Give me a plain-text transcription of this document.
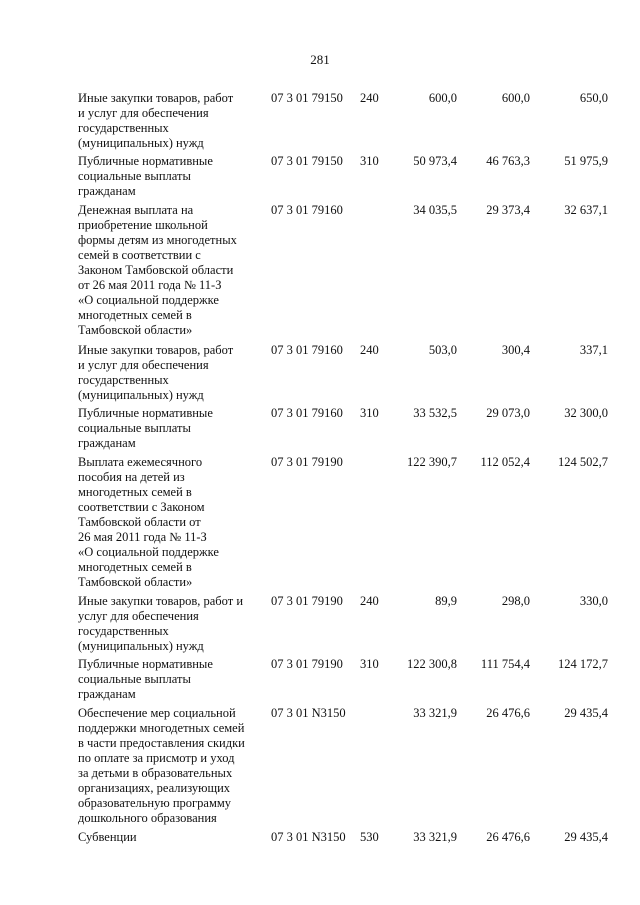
281
Иные закупки товаров, работ
и услуг для обеспечения
государственных
(муниципальных) нужд
07 3 01 79150 240	600,0	600,0	650,0
Публичные нормативные
социальные выплаты
гражданам
07 3 01 79150 310	50 973,4	46 763,3	51 975,9
Денежная выплата на
приобретение школьной
формы детям из многодетных
семей в соответствии с
Законом Тамбовской области
от 26 мая 2011 года № 11-З
«О социальной поддержке
многодетных семей в
Тамбовской области»
07 3 01 79160	34 035,5	29 373,4	32 637,1
Иные закупки товаров, работ
и услуг для обеспечения
государственных
(муниципальных) нужд
07 3 01 79160 240	503,0	300,4	337,1
Публичные нормативные
социальные выплаты
гражданам
07 3 01 79160 310	33 532,5	29 073,0	32 300,0
Выплата ежемесячного
пособия на детей из
многодетных семей в
соответствии с Законом
Тамбовской области от
26 мая 2011 года № 11-З
«О социальной поддержке
многодетных семей в
Тамбовской области»
07 3 01 79190	122 390,7	112 052,4	124 502,7
Иные закупки товаров, работ и
услуг для обеспечения
государственных
(муниципальных) нужд
07 3 01 79190 240	89,9	298,0	330,0
Публичные нормативные
социальные выплаты
гражданам
07 3 01 79190 310	122 300,8	111 754,4	124 172,7
Обеспечение мер социальной
поддержки многодетных семей
в части предоставления скидки
по оплате за присмотр и уход
за детьми в образовательных
организациях, реализующих
образовательную программу
дошкольного образования
07 3 01 N3150	33 321,9	26 476,6	29 435,4
Субвенции	07 3 01 N3150 530	33 321,9	26 476,6	29 435,4
